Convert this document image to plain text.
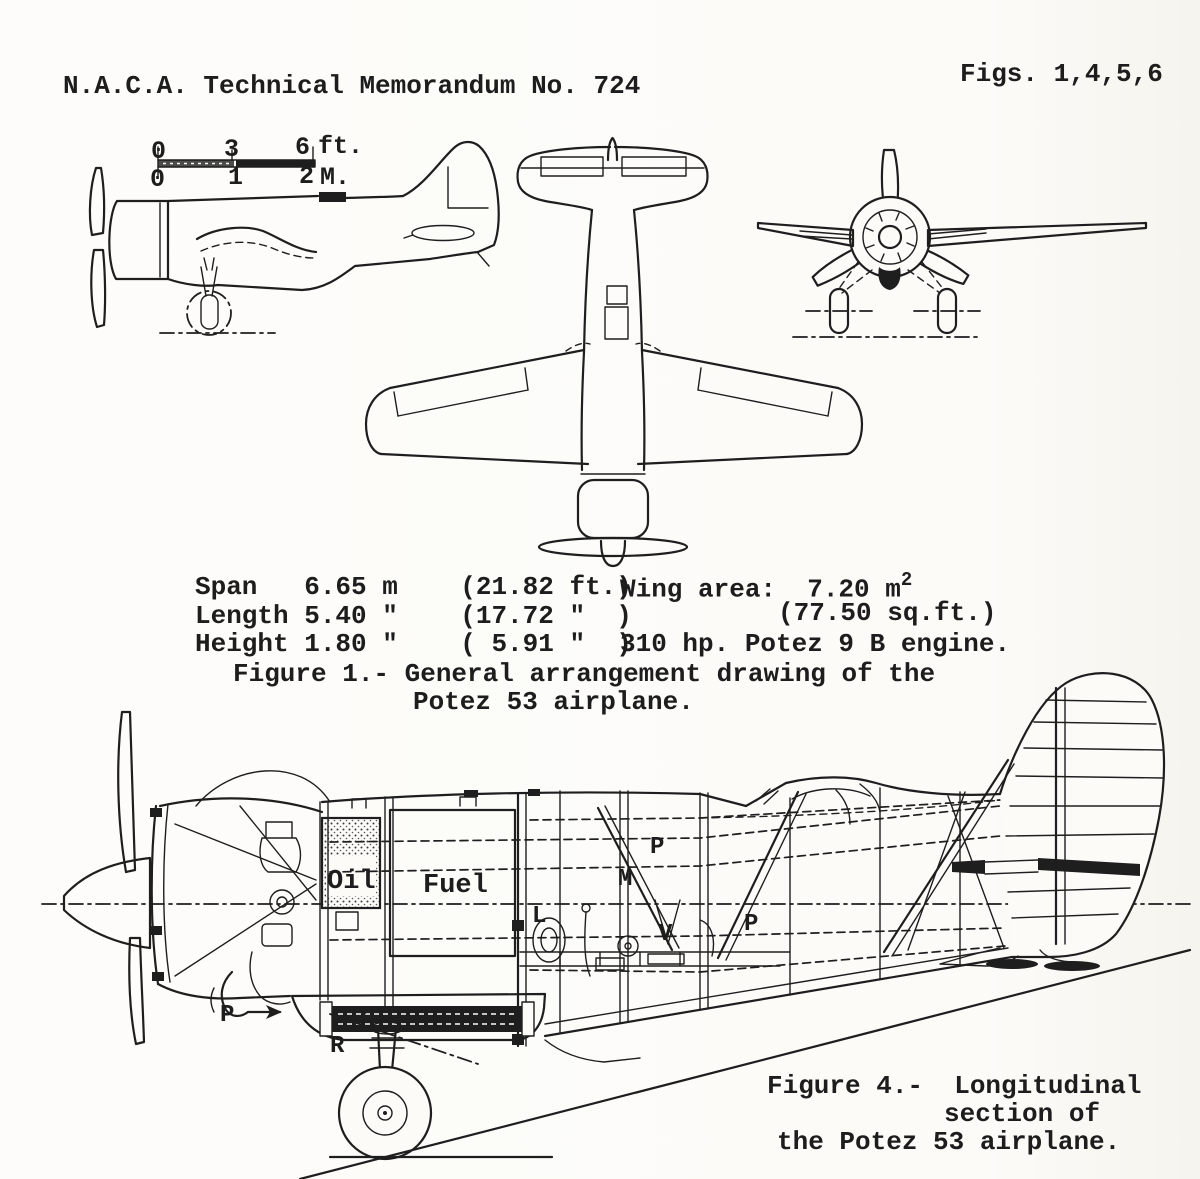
N.A.C.A. Technical Memorandum No. 724	Figs. 1,4,5,6
Span   6.65 m    (21.82 ft.)
Length 5.40 "    (17.72 "  )
Height 1.80 "    ( 5.91 "  )
Wing area:  7.20 $m^2$
(77.50 sq.ft.)
310 hp. Potez 9 B engine.
Figure 1.- General arrangement drawing of the
Potez 53 airplane.
Figure 4.-  Longitudinal
section of
the Potez 53 airplane.
0 3 6 ft.
0	1 2 M.
Oil Fuel
P
M
V	P
L
P
R
